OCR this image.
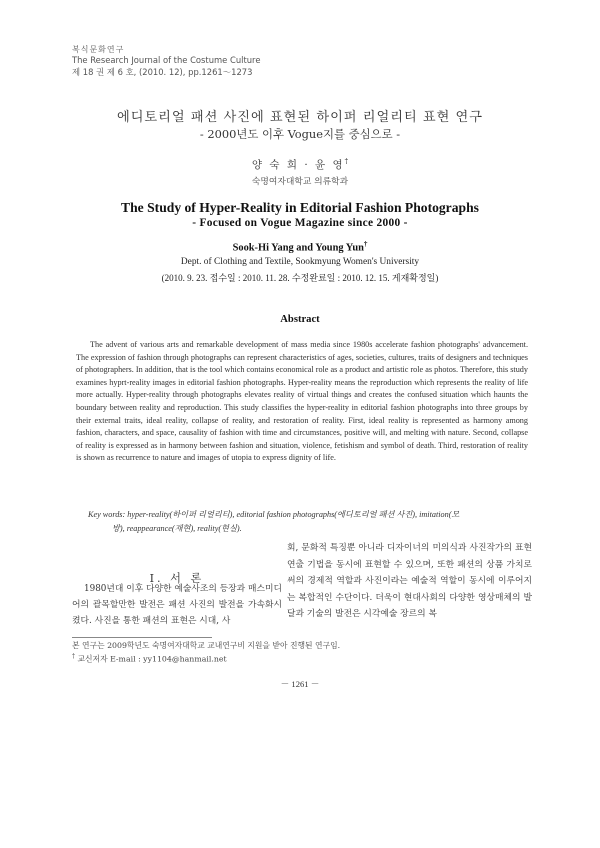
복식문화연구
The Research Journal of the Costume Culture
제 18 권 제 6 호, (2010. 12), pp.1261～1273
에디토리얼 패션 사진에 표현된 하이퍼 리얼리티 표현 연구
- 2000년도 이후 Vogue지를 중심으로 -
양 숙 희 · 윤 영†
숙명여자대학교 의류학과
The Study of Hyper-Reality in Editorial Fashion Photographs
- Focused on Vogue Magazine since 2000 -
Sook-Hi Yang and Young Yun†
Dept. of Clothing and Textile, Sookmyung Women's University
(2010. 9. 23. 접수일 : 2010. 11. 28. 수정완료일 : 2010. 12. 15. 게재확정일)
Abstract

The advent of various arts and remarkable development of mass media since 1980s accelerate fashion photographs' advancement. The expression of fashion through photographs can represent characteristics of ages, societies, cultures, traits of designers and techniques of photographers. In addition, that is the tool which contains economical role as a product and artistic role as photos. Therefore, this study examines hyprt-reality images in editorial fashion photographs. Hyper-reality means the reproduction which represents the reality of life more actually. Hyper-reality through photographs elevates reality of virtual things and creates the confused situation which haunts the boundary between reality and reproduction. This study classifies the hyper-reality in editorial fashion photographs into three groups by their external traits, ideal reality, collapse of reality, and restoration of reality. First, ideal reality is represented as harmony among fashion, characters, and space, causality of fashion with time and circumstances, positive will, and melting with nature. Second, collapse of reality is expressed as in harmony between fashion and situation, violence, fetishism and symbol of death. Third, restoration of reality is shown as recurrence to nature and images of utopia to express dignity of life.

Key words: hyper-reality(하이퍼 리얼리티), editorial fashion photographs(에디토리얼 패션 사진), imitation(모
방), reappearance(재현), reality(현실).
I. 서 론

1980년대 이후 다양한 예술사조의 등장과 매스미디어의 괄목할만한 발전은 패션 사진의 발전을 가속화시켰다. 사진을 통한 패션의 표현은 시대, 사

회, 문화적 특징뿐 아니라 디자이너의 미의식과 사진작가의 표현 연출 기법을 동시에 표현할 수 있으며, 또한 패션의 상품 가치로써의 경제적 역할과 사진이라는 예술적 역할이 동시에 이루어지는 복합적인 수단이다. 더욱이 현대사회의 다양한 영상매체의 발달과 기술의 발전은 시각예술 장르의 복

본 연구는 2009학년도 숙명여자대학교 교내연구비 지원을 받아 진행된 연구임.
† 교신저자 E-mail : yy1104@hanmail.net
－ 1261 －
